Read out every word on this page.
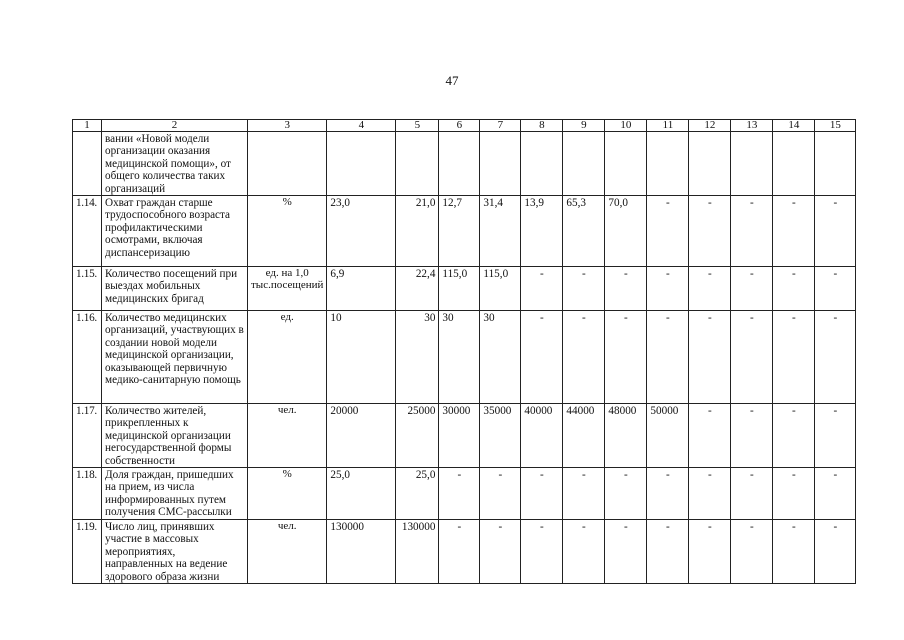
47
1	2	3	4	5	6	7	8	9	10	11	12	13	14	15
	вании «Новой модели организации оказания медицинской помощи», от общего количества таких организаций													
1.14.	Охват граждан старше трудоспособного возраста профилактическими осмотрами, включая диспансеризацию	%	23,0	21,0	12,7	31,4	13,9	65,3	70,0	-	-	-	-	-
1.15.	Количество посещений при выездах мобильных медицинских бригад	ед. на 1,0 тыс.посещений	6,9	22,4	115,0	115,0	-	-	-	-	-	-	-	-
1.16.	Количество медицинских организаций, участвующих в создании новой модели медицинской организации, оказывающей первичную медико-санитарную помощь	ед.	10	30	30	30	-	-	-	-	-	-	-	-
1.17.	Количество жителей, прикрепленных к медицинской организации негосударственной формы собственности	чел.	20000	25000	30000	35000	40000	44000	48000	50000	-	-	-	-
1.18.	Доля граждан, пришедших на прием, из числа информированных путем получения СМС-рассылки	%	25,0	25,0	-	-	-	-	-	-	-	-	-	-
1.19.	Число лиц, принявших участие в массовых мероприятиях, направленных на ведение здорового образа жизни	чел.	130000	130000	-	-	-	-	-	-	-	-	-	-
